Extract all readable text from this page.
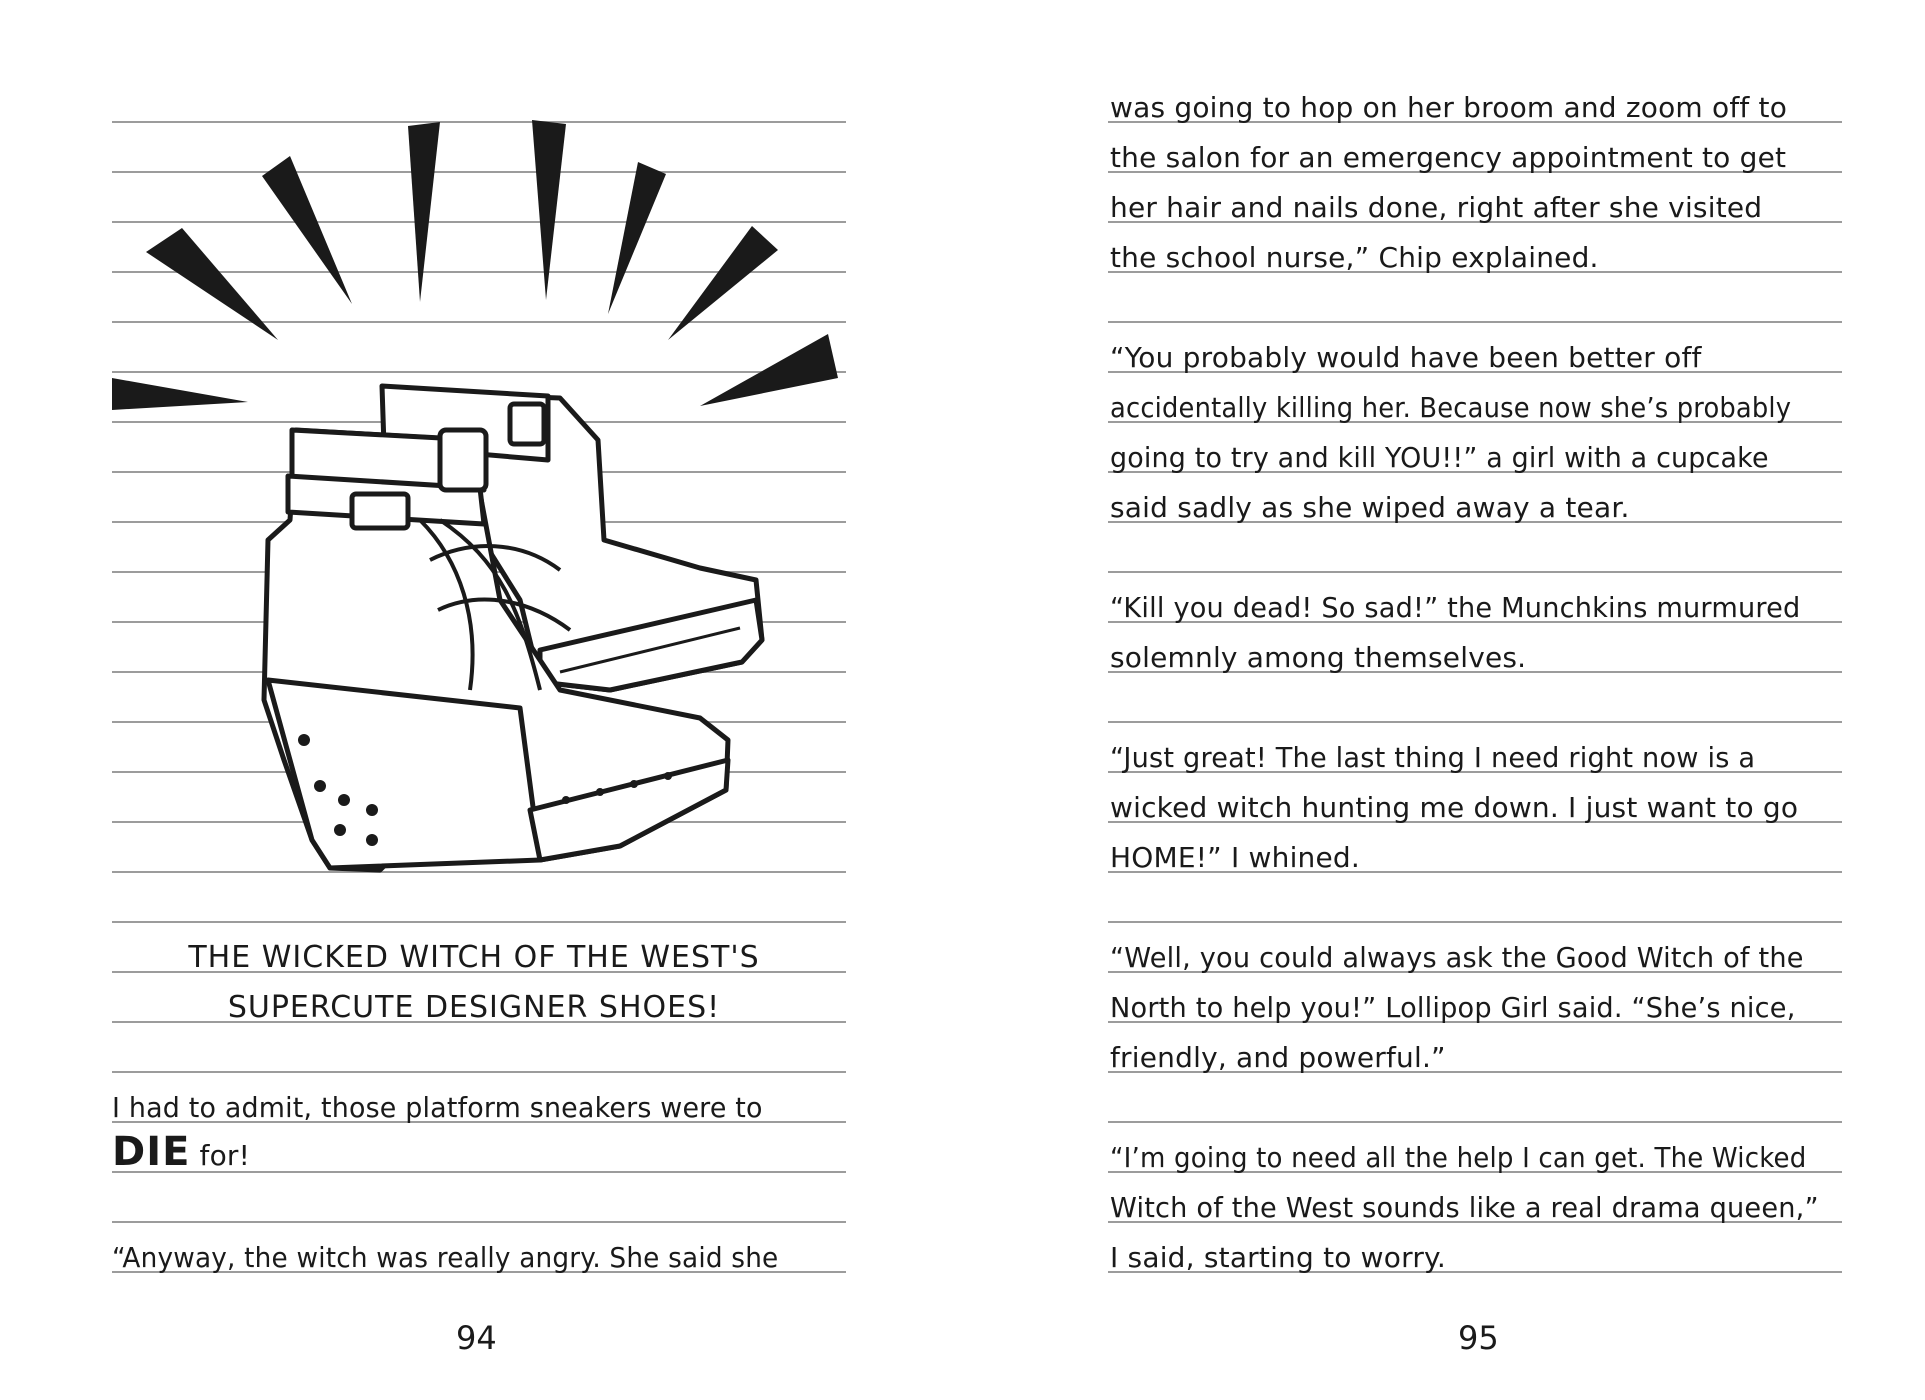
THE WICKED WITCH OF THE WEST'S
SUPERCUTE DESIGNER SHOES!
I had to admit, those platform sneakers were to
DIE for!
“Anyway, the witch was really angry. She said she
94
was going to hop on her broom and zoom off to
the salon for an emergency appointment to get
her hair and nails done, right after she visited
the school nurse,” Chip explained.
“You probably would have been better off
accidentally killing her. Because now she’s probably
going to try and kill YOU!!” a girl with a cupcake
said sadly as she wiped away a tear.
“Kill you dead! So sad!” the Munchkins murmured
solemnly among themselves.
“Just great! The last thing I need right now is a
wicked witch hunting me down. I just want to go
HOME!” I whined.
“Well, you could always ask the Good Witch of the
North to help you!” Lollipop Girl said. “She’s nice,
friendly, and powerful.”
“I’m going to need all the help I can get. The Wicked
Witch of the West sounds like a real drama queen,”
I said, starting to worry.
95
